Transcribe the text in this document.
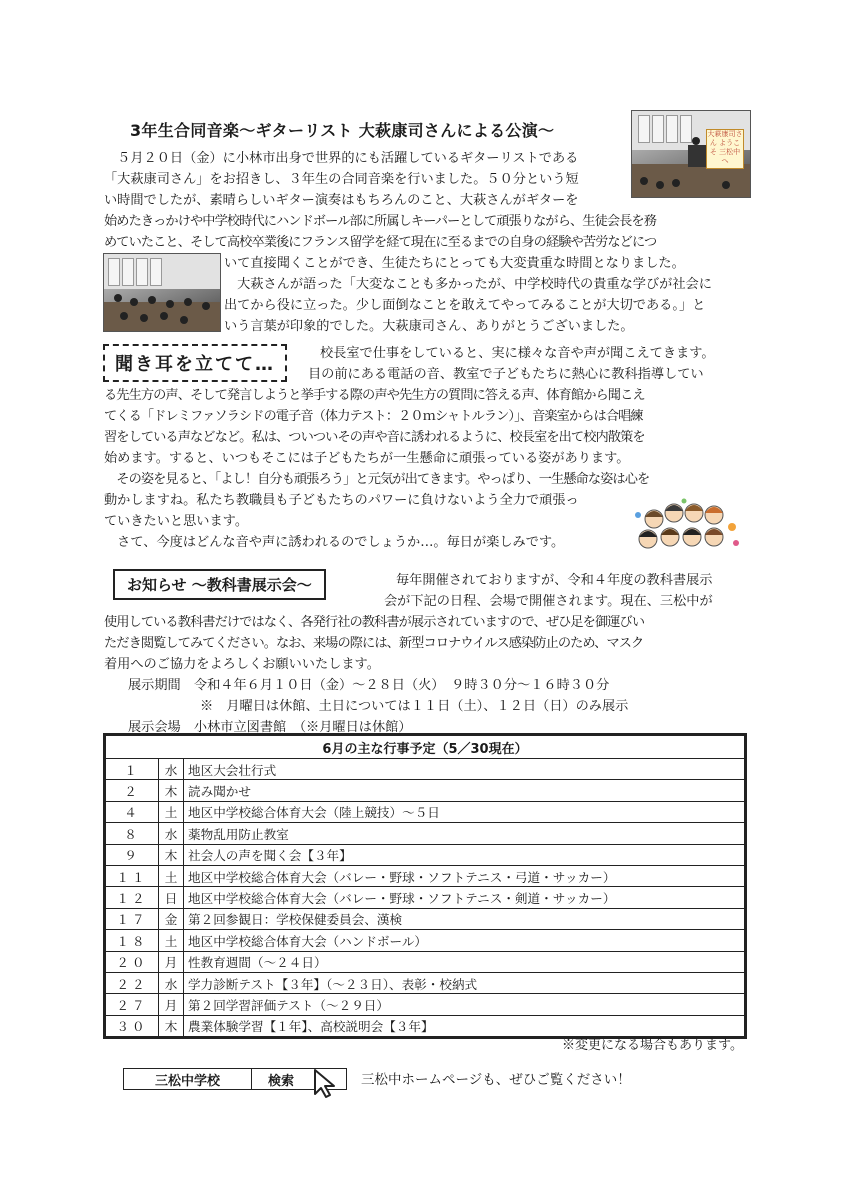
3年生合同音楽～ギターリスト 大萩康司さんによる公演～	大萩康司さん ようこそ 三松中へ
　５月２０日（金）に小林市出身で世界的にも活躍しているギターリストである
「大萩康司さん」をお招きし、３年生の合同音楽を行いました。５０分という短
い時間でしたが、素晴らしいギター演奏はもちろんのこと、大萩さんがギターを
始めたきっかけや中学校時代にハンドボール部に所属しキーパーとして頑張りながら、生徒会長を務
めていたこと、そして高校卒業後にフランス留学を経て現在に至るまでの自身の経験や苦労などにつ
いて直接聞くことができ、生徒たちにとっても大変貴重な時間となりました。
　大萩さんが語った「大変なことも多かったが、中学校時代の貴重な学びが社会に
出てから役に立った。少し面倒なことを敢えてやってみることが大切である。」と
いう言葉が印象的でした。大萩康司さん、ありがとうございました。
聞き耳を立てて…
校長室で仕事をしていると、実に様々な音や声が聞こえてきます。
目の前にある電話の音、教室で子どもたちに熱心に教科指導してい
る先生方の声、そして発言しようと挙手する際の声や先生方の質問に答える声、体育館から聞こえ
てくる「ドレミファソラシドの電子音（体力テスト：２０ｍシャトルラン）」、音楽室からは合唱練
習をしている声などなど。私は、ついついその声や音に誘われるように、校長室を出て校内散策を
始めます。すると、いつもそこには子どもたちが一生懸命に頑張っている姿があります。
　その姿を見ると、「よし！自分も頑張ろう」と元気が出てきます。やっぱり、一生懸命な姿は心を
動かしますね。私たち教職員も子どもたちのパワーに負けないよう全力で頑張っ
ていきたいと思います。
　さて、今度はどんな音や声に誘われるのでしょうか…。毎日が楽しみです。
お知らせ ～教科書展示会～	毎年開催されておりますが、令和４年度の教科書展示
会が下記の日程、会場で開催されます。現在、三松中が
使用している教科書だけではなく、各発行社の教科書が展示されていますので、ぜひ足を御運びい
ただき閲覧してみてください。なお、来場の際には、新型コロナウイルス感染防止のため、マスク
着用へのご協力をよろしくお願いいたします。
展示期間　令和４年６月１０日（金）～２８日（火）　９時３０分～１６時３０分
※　月曜日は休館、土日については１１日（土）、１２日（日）のみ展示
展示会場　小林市立図書館　（※月曜日は休館）
6月の主な行事予定（5／30現在）		
１	水	地区大会壮行式
２	木	読み聞かせ
４	土	地区中学校総合体育大会（陸上競技）～５日
８	水	薬物乱用防止教室
９	木	社会人の声を聞く会【３年】
１１	土	地区中学校総合体育大会（バレー・野球・ソフトテニス・弓道・サッカー）
１２	日	地区中学校総合体育大会（バレー・野球・ソフトテニス・剣道・サッカー）
１７	金	第２回参観日：学校保健委員会、漢検
１８	土	地区中学校総合体育大会（ハンドボール）
２０	月	性教育週間（～２４日）
２２	水	学力診断テスト【３年】（～２３日）、表彰・校納式
２７	月	第２回学習評価テスト（～２９日）
３０	木	農業体験学習【１年】、高校説明会【３年】
※変更になる場合もあります。
三松中学校	検索	三松中ホームページも、ぜひご覧ください！
